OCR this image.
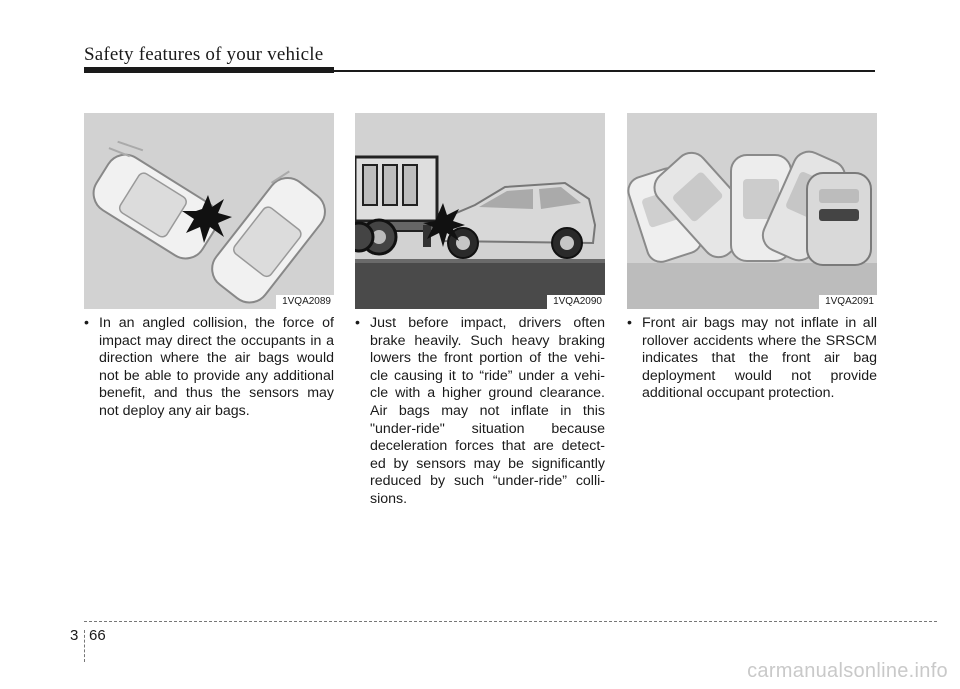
Safety features of your vehicle
1VQA2089	1VQA2090	1VQA2091

• In an angled collision, the force of impact may direct the occupants in a direction where the air bags would not be able to provide any additional benefit, and thus the sensors may not deploy any air bags.

• Just before impact, drivers often brake heavily. Such heavy braking lowers the front portion of the vehi- cle causing it to “ride” under a vehi- cle with a higher ground clearance. Air bags may not inflate in this "under-ride" situation because deceleration forces that are detect- ed by sensors may be significantly reduced by such “under-ride” colli- sions.

• Front air bags may not inflate in all rollover accidents where the SRSCM indicates that the front air bag deployment would not provide additional occupant protection.

3 66
carmanualsonline.info
